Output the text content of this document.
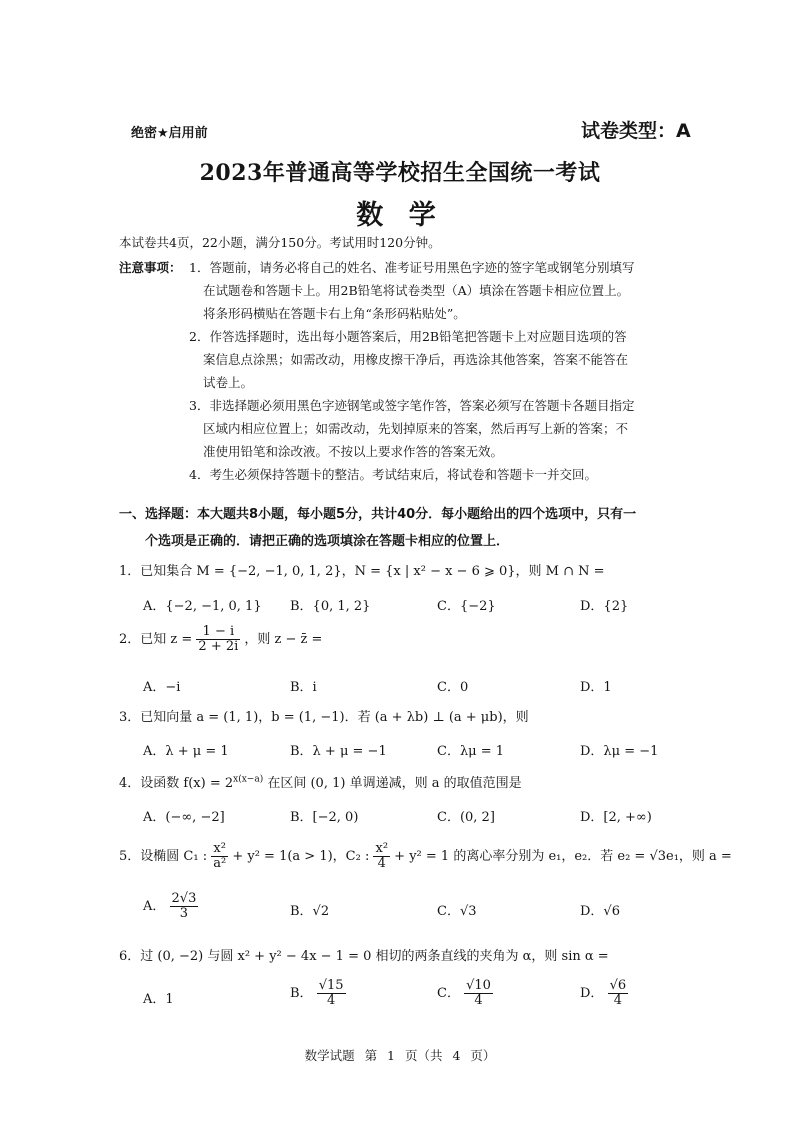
绝密★启用前	试卷类型：A
2023年普通高等学校招生全国统一考试
数 学
本试卷共4页，22小题，满分150分。考试用时120分钟。
注意事项： 1．答题前，请务必将自己的姓名、准考证号用黑色字迹的签字笔或钢笔分别填写
在试题卷和答题卡上。用2B铅笔将试卷类型（A）填涂在答题卡相应位置上。
将条形码横贴在答题卡右上角“条形码粘贴处”。
2．作答选择题时，选出每小题答案后，用2B铅笔把答题卡上对应题目选项的答
案信息点涂黑；如需改动，用橡皮擦干净后，再选涂其他答案，答案不能答在
试卷上。
3．非选择题必须用黑色字迹钢笔或签字笔作答，答案必须写在答题卡各题目指定
区域内相应位置上；如需改动，先划掉原来的答案，然后再写上新的答案；不
准使用铅笔和涂改液。不按以上要求作答的答案无效。
4．考生必须保持答题卡的整洁。考试结束后，将试卷和答题卡一并交回。
一、选择题：本大题共8小题，每小题5分，共计40分．每小题给出的四个选项中，只有一
个选项是正确的．请把正确的选项填涂在答题卡相应的位置上．
1．已知集合 M = {−2, −1, 0, 1, 2}，N = {x | x² − x − 6 ⩾ 0}，则 M ∩ N =
A．{−2, −1, 0, 1} B．{0, 1, 2}	C．{−2}	D．{2}
2．已知 $z = \frac{1 - i}{2 + 2i}$ ，则 z − z̄ =
A．−i	B．i	C．0	D．1
3．已知向量 a = (1, 1)，b = (1, −1)．若 (a + λb) ⊥ (a + μb)，则
A．λ + μ = 1	B．λ + μ = −1	C．λμ = 1	D．λμ = −1
4．设函数 $f(x) = 2^{x(x-a)}$ 在区间 (0, 1) 单调递减，则 a 的取值范围是
A．(−∞, −2]	B．[−2, 0)	C．(0, 2]	D．[2, +∞)
5．设椭圆 C₁ : $\frac{\text{x²}}{\text{a²}} + y^2 = 1(a > 1)$，C₂ : $\frac{\text{x²}}{4} + y^2 = 1$ 的离心率分别为 e₁，e₂．若 e₂ = √3e₁，则 a =
A． $\frac{2√3}{3}$	B．√2	C．√3	D．√6
6．过 (0, −2) 与圆 x² + y² − 4x − 1 = 0 相切的两条直线的夹角为 α，则 sin α =
A．1	B． $\frac{√15}{4}$	C． $\frac{√10}{4}$	D． $\frac{√6}{4}$
数学试题 第 1 页（共 4 页）
